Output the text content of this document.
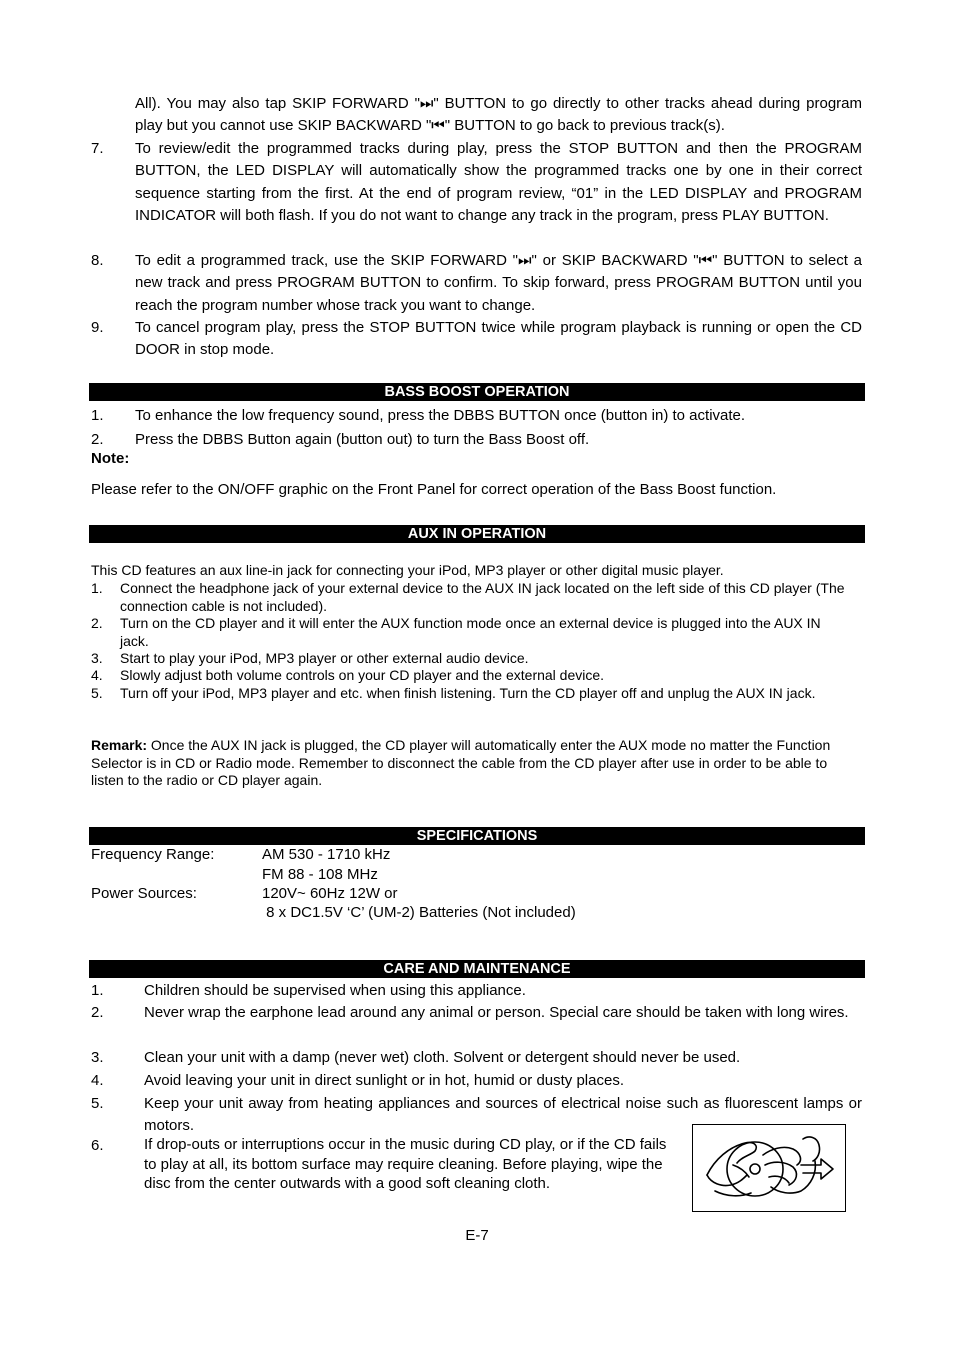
All). You may also tap SKIP FORWARD "⏭" BUTTON to go directly to other tracks ahead during program play but you cannot use SKIP BACKWARD "⏮" BUTTON to go back to previous track(s).
7. To review/edit the programmed tracks during play, press the STOP BUTTON and then the PROGRAM BUTTON, the LED DISPLAY will automatically show the programmed tracks one by one in their correct sequence starting from the first. At the end of program review, “01” in the LED DISPLAY and PROGRAM INDICATOR will both flash. If you do not want to change any track in the program, press PLAY BUTTON.
8. To edit a programmed track, use the SKIP FORWARD "⏭" or SKIP BACKWARD "⏮" BUTTON to select a new track and press PROGRAM BUTTON to confirm. To skip forward, press PROGRAM BUTTON until you reach the program number whose track you want to change.
9. To cancel program play, press the STOP BUTTON twice while program playback is running or open the CD DOOR in stop mode.
BASS BOOST OPERATION
1. To enhance the low frequency sound, press the DBBS BUTTON once (button in) to activate.
2. Press the DBBS Button again (button out) to turn the Bass Boost off.
Note:
Please refer to the ON/OFF graphic on the Front Panel for correct operation of the Bass Boost function.
AUX IN OPERATION
This CD features an aux line-in jack for connecting your iPod, MP3 player or other digital music player.
1. Connect the headphone jack of your external device to the AUX IN jack located on the left side of this CD player (The connection cable is not included).
2. Turn on the CD player and it will enter the AUX function mode once an external device is plugged into the AUX IN jack.
3. Start to play your iPod, MP3 player or other external audio device.
4. Slowly adjust both volume controls on your CD player and the external device.
5. Turn off your iPod, MP3 player and etc. when finish listening. Turn the CD player off and unplug the AUX IN jack.
Remark: Once the AUX IN jack is plugged, the CD player will automatically enter the AUX mode no matter the Function Selector is in CD or Radio mode. Remember to disconnect the cable from the CD player after use in order to be able to listen to the radio or CD player again.
SPECIFICATIONS
Frequency Range:	AM 530 - 1710 kHz
FM 88 - 108 MHz
Power Sources:	120V~ 60Hz 12W or
8 x DC1.5V ‘C’ (UM-2) Batteries (Not included)
CARE AND MAINTENANCE
1.	Children should be supervised when using this appliance.
2.	Never wrap the earphone lead around any animal or person. Special care should be taken with long wires.
3.	Clean your unit with a damp (never wet) cloth. Solvent or detergent should never be used.
4.	Avoid leaving your unit in direct sunlight or in hot, humid or dusty places.
5.	Keep your unit away from heating appliances and sources of electrical noise such as fluorescent lamps or motors.
6.	If drop-outs or interruptions occur in the music during CD play, or if the CD fails to play at all, its bottom surface may require cleaning. Before playing, wipe the disc from the center outwards with a good soft cleaning cloth.
E-7
